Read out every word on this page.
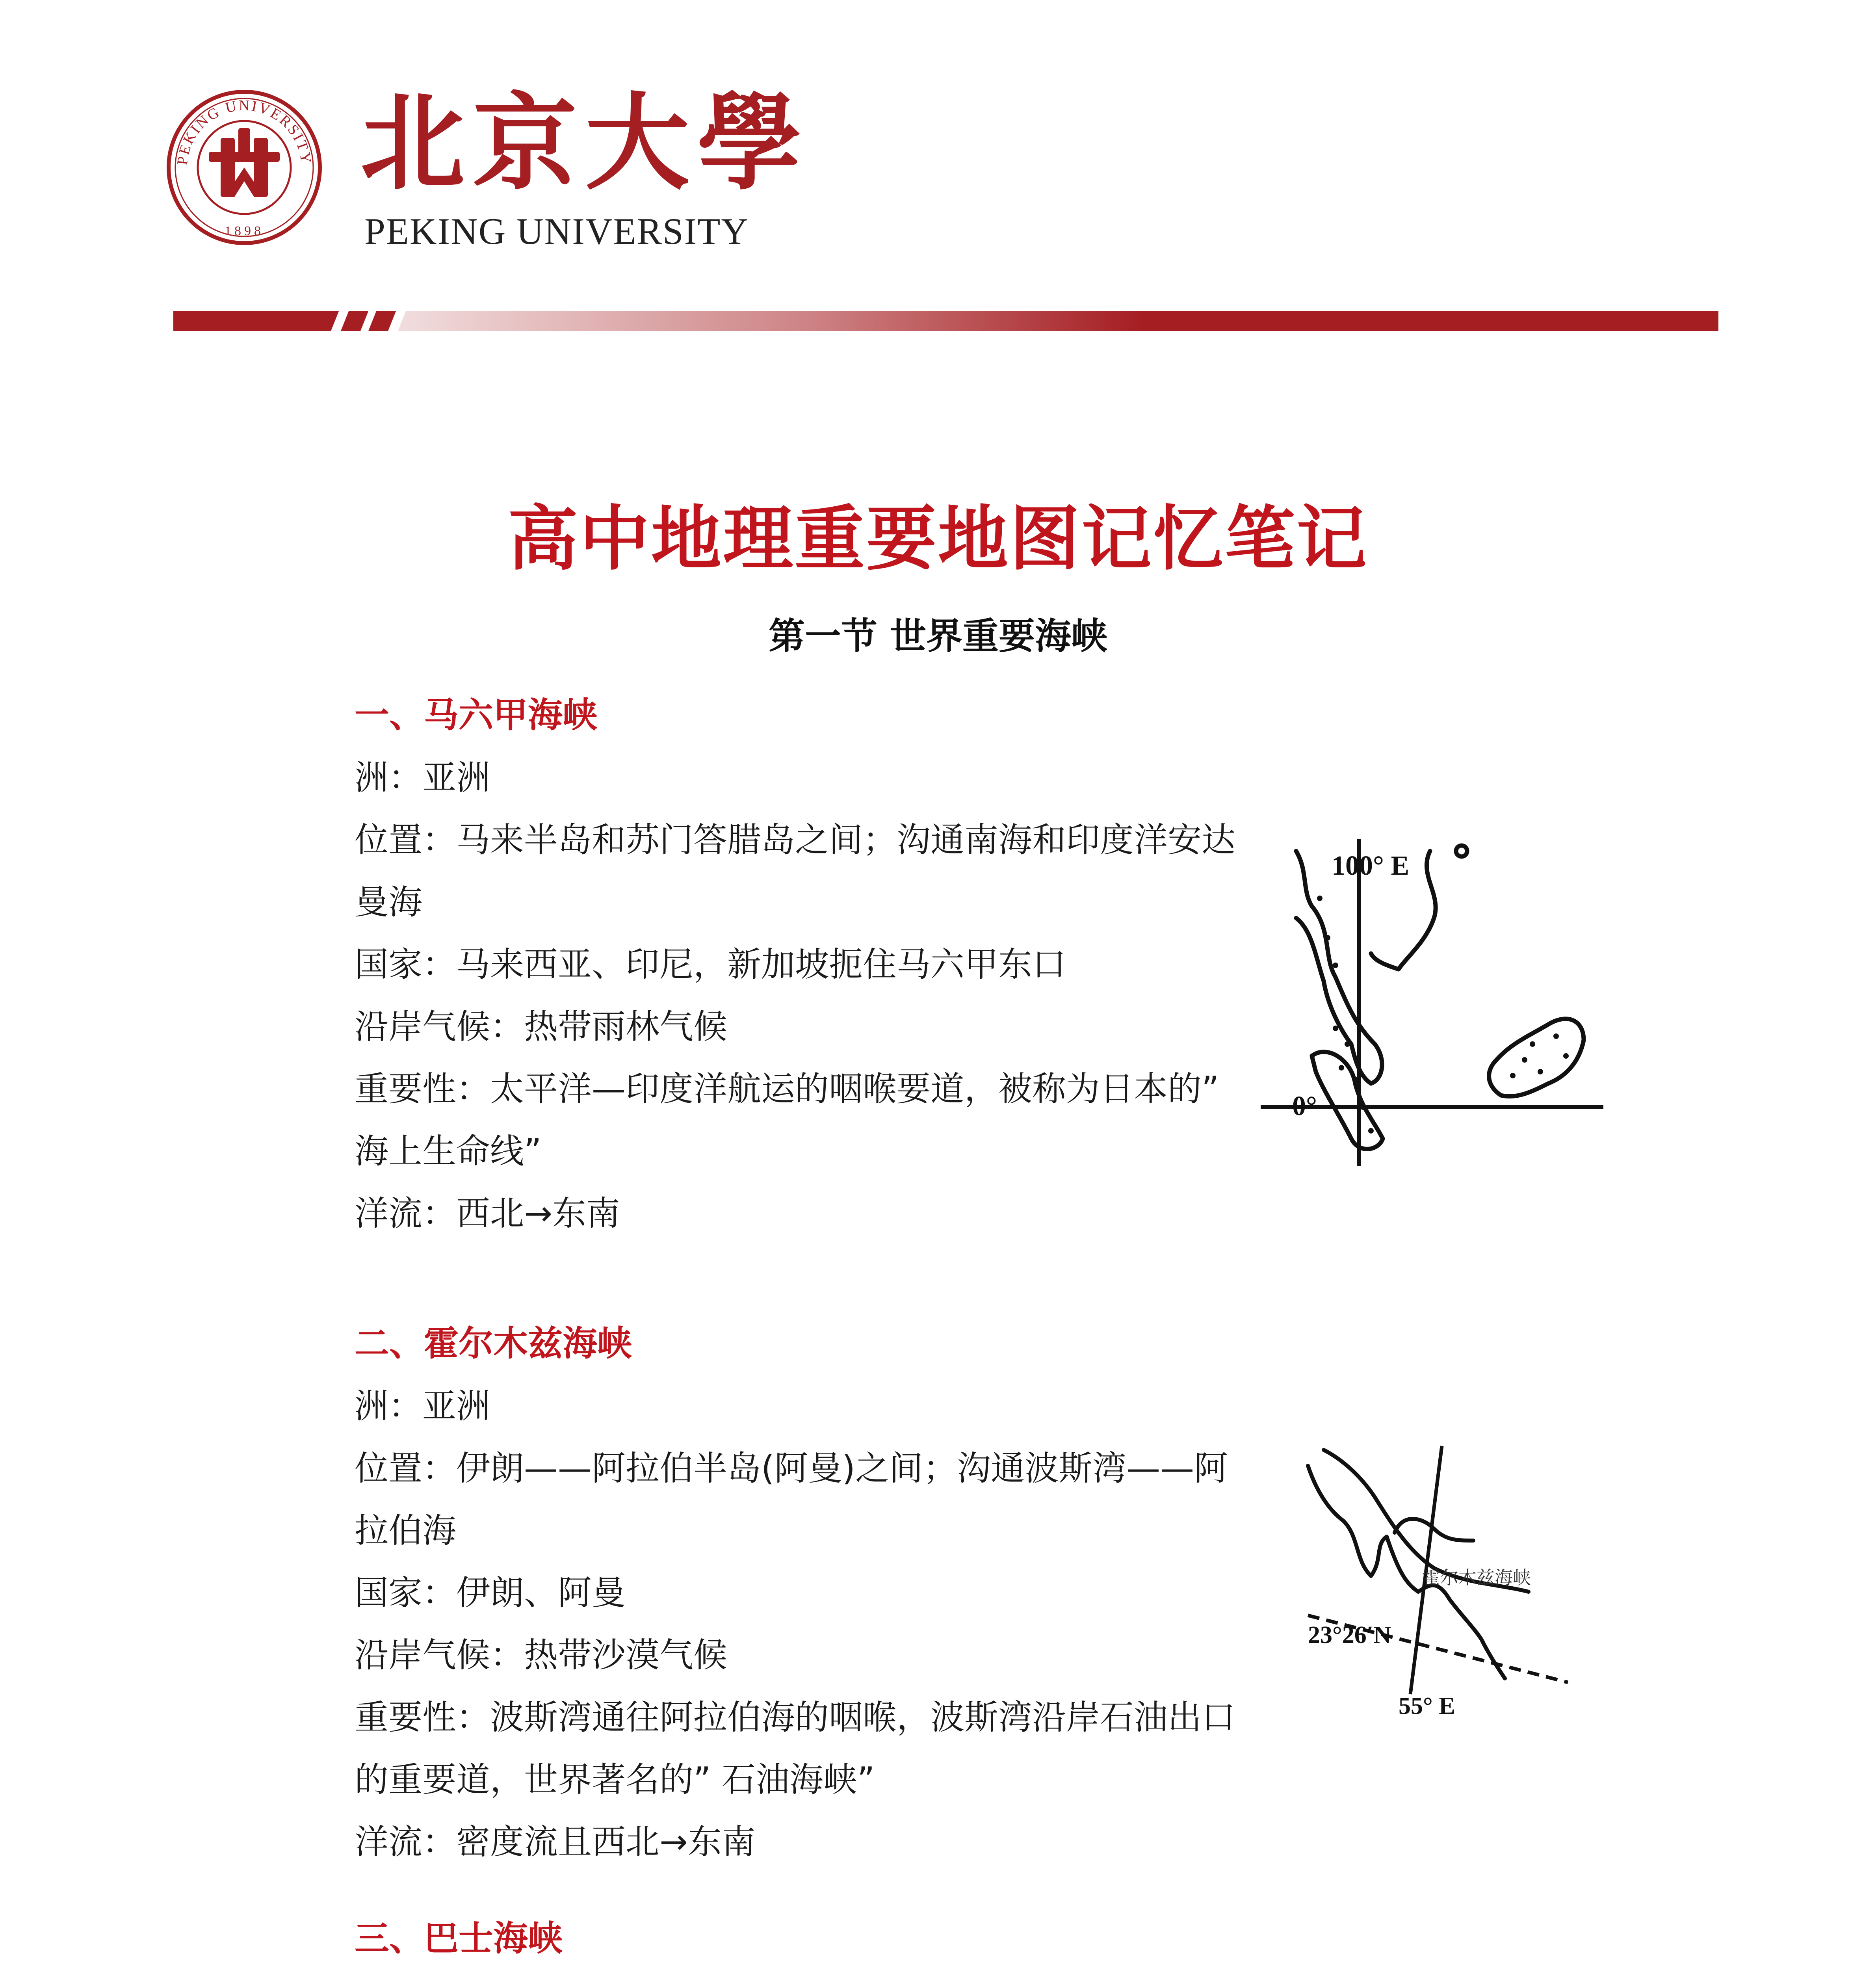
PEKING UNIVERSITY
1898
北京大學
PEKING UNIVERSITY
高中地理重要地图记忆笔记
第一节 世界重要海峡

一、马六甲海峡

洲：亚洲

位置：马来半岛和苏门答腊岛之间；沟通南海和印度洋安达

曼海

国家：马来西亚、印尼，新加坡扼住马六甲东口

沿岸气候：热带雨林气候

重要性：太平洋—印度洋航运的咽喉要道，被称为日本的”

海上生命线”

洋流：西北→东南

100° E
0°

二、霍尔木兹海峡

洲：亚洲

位置：伊朗——阿拉伯半岛(阿曼)之间；沟通波斯湾——阿

拉伯海

国家：伊朗、阿曼

沿岸气候：热带沙漠气候

重要性：波斯湾通往阿拉伯海的咽喉，波斯湾沿岸石油出口

的重要道，世界著名的” 石油海峡”

洋流：密度流且西北→东南

霍尔木兹海峡
23°26′N
55° E

三、巴士海峡
